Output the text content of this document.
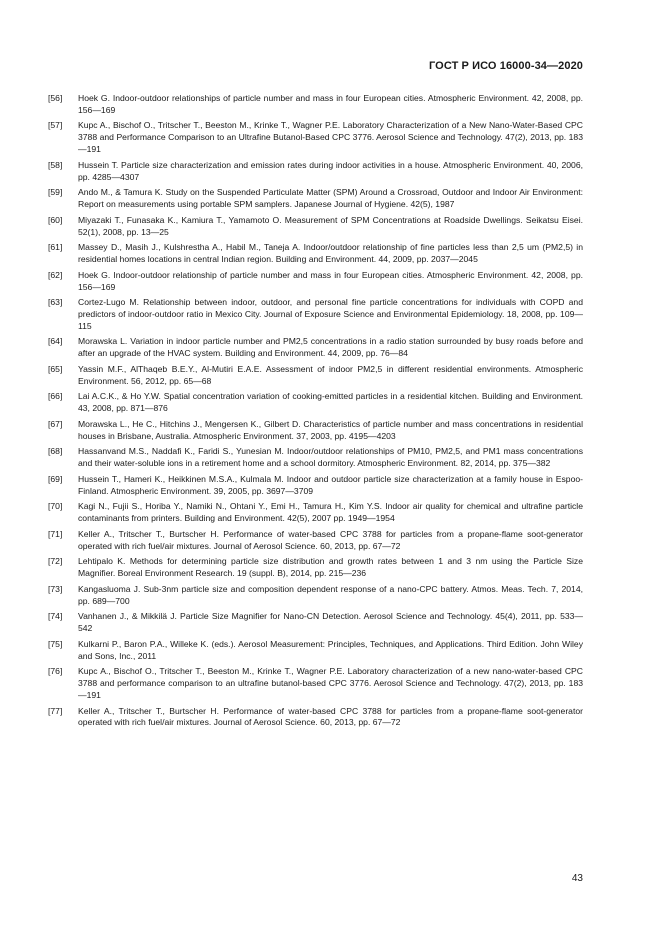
ГОСТ Р ИСО 16000-34—2020
[56]	Hoek G. Indoor-outdoor relationships of particle number and mass in four European cities. Atmospheric Environment. 42, 2008, pp. 156—169
[57]	Kupc A., Bischof O., Tritscher T., Beeston M., Krinke T., Wagner P.E. Laboratory Characterization of a New Nano-Water-Based CPC 3788 and Performance Comparison to an Ultrafine Butanol-Based CPC 3776. Aerosol Science and Technology. 47(2), 2013, pp. 183—191
[58]	Hussein T. Particle size characterization and emission rates during indoor activities in a house. Atmospheric Environment. 40, 2006, pp. 4285—4307
[59]	Ando M., & Tamura K. Study on the Suspended Particulate Matter (SPM) Around a Crossroad, Outdoor and Indoor Air Environment: Report on measurements using portable SPM samplers. Japanese Journal of Hygiene. 42(5), 1987
[60]	Miyazaki T., Funasaka K., Kamiura T., Yamamoto O. Measurement of SPM Concentrations at Roadside Dwellings. Seikatsu Eisei. 52(1), 2008, pp. 13—25
[61]	Massey D., Masih J., Kulshrestha A., Habil M., Taneja A. Indoor/outdoor relationship of fine particles less than 2,5 um (PM2,5) in residential homes locations in central Indian region. Building and Environment. 44, 2009, pp. 2037—2045
[62]	Hoek G. Indoor-outdoor relationship of particle number and mass in four European cities. Atmospheric Environment. 42, 2008, pp. 156—169
[63]	Cortez-Lugo M. Relationship between indoor, outdoor, and personal fine particle concentrations for individuals with COPD and predictors of indoor-outdoor ratio in Mexico City. Journal of Exposure Science and Environmental Epidemiology. 18, 2008, pp. 109—115
[64]	Morawska L. Variation in indoor particle number and PM2,5 concentrations in a radio station surrounded by busy roads before and after an upgrade of the HVAC system. Building and Environment. 44, 2009, pp. 76—84
[65]	Yassin M.F., AlThaqeb B.E.Y., Al-Mutiri E.A.E. Assessment of indoor PM2,5 in different residential environments. Atmospheric Environment. 56, 2012, pp. 65—68
[66]	Lai A.C.K., & Ho Y.W. Spatial concentration variation of cooking-emitted particles in a residential kitchen. Building and Environment. 43, 2008, pp. 871—876
[67]	Morawska L., He C., Hitchins J., Mengersen K., Gilbert D. Characteristics of particle number and mass concentrations in residential houses in Brisbane, Australia. Atmospheric Environment. 37, 2003, pp. 4195—4203
[68]	Hassanvand M.S., Naddafi K., Faridi S., Yunesian M. Indoor/outdoor relationships of PM10, PM2,5, and PM1 mass concentrations and their water-soluble ions in a retirement home and a school dormitory. Atmospheric Environment. 82, 2014, pp. 375—382
[69]	Hussein T., Hameri K., Heikkinen M.S.A., Kulmala M. Indoor and outdoor particle size characterization at a family house in Espoo-Finland. Atmospheric Environment. 39, 2005, pp. 3697—3709
[70]	Kagi N., Fujii S., Horiba Y., Namiki N., Ohtani Y., Emi H., Tamura H., Kim Y.S. Indoor air quality for chemical and ultrafine particle contaminants from printers. Building and Environment. 42(5), 2007 pp. 1949—1954
[71]	Keller A., Tritscher T., Burtscher H. Performance of water-based CPC 3788 for particles from a propane-flame soot-generator operated with rich fuel/air mixtures. Journal of Aerosol Science. 60, 2013, pp. 67—72
[72]	Lehtipalo K. Methods for determining particle size distribution and growth rates between 1 and 3 nm using the Particle Size Magnifier. Boreal Environment Research. 19 (suppl. B), 2014, pp. 215—236
[73]	Kangasluoma J. Sub-3nm particle size and composition dependent response of a nano-CPC battery. Atmos. Meas. Tech. 7, 2014, pp. 689—700
[74]	Vanhanen J., & Mikkilä J. Particle Size Magnifier for Nano-CN Detection. Aerosol Science and Technology. 45(4), 2011, pp. 533—542
[75]	Kulkarni P., Baron P.A., Willeke K. (eds.). Aerosol Measurement: Principles, Techniques, and Applications. Third Edition. John Wiley and Sons, Inc., 2011
[76]	Kupc A., Bischof O., Tritscher T., Beeston M., Krinke T., Wagner P.E. Laboratory characterization of a new nano-water-based CPC 3788 and performance comparison to an ultrafine butanol-based CPC 3776. Aerosol Science and Technology. 47(2), 2013, pp. 183—191
[77]	Keller A., Tritscher T., Burtscher H. Performance of water-based CPC 3788 for particles from a propane-flame soot-generator operated with rich fuel/air mixtures. Journal of Aerosol Science. 60, 2013, pp. 67—72
43
